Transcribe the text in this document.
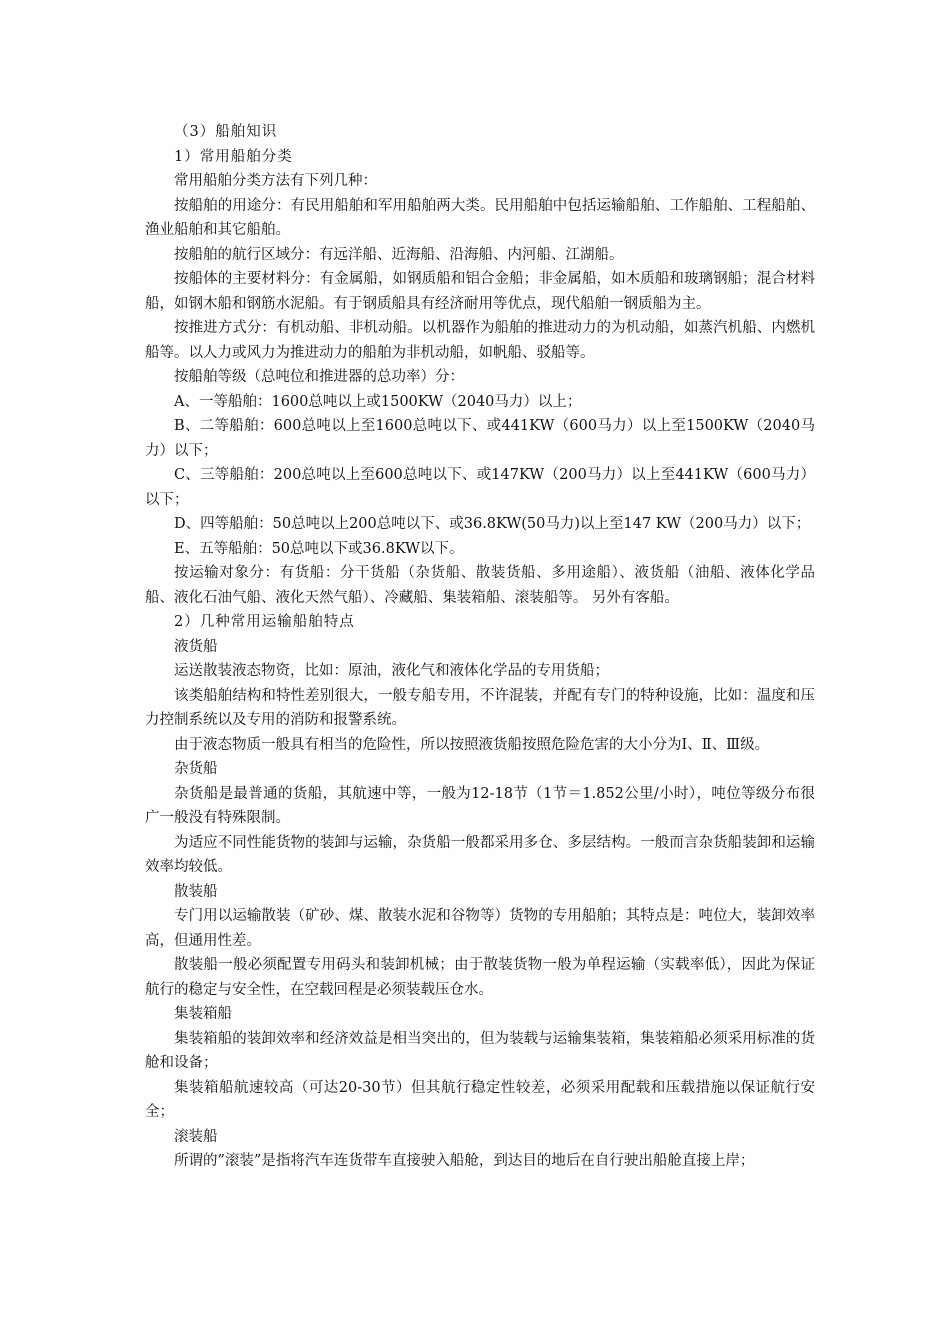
（3）船舶知识

1）常用船舶分类

常用船舶分类方法有下列几种：

按船舶的用途分：有民用船舶和军用船舶两大类。民用船舶中包括运输船舶、工作船舶、工程船舶、渔业船舶和其它船舶。

按船舶的航行区域分：有远洋船、近海船、沿海船、内河船、江湖船。

按船体的主要材料分：有金属船，如钢质船和铝合金船；非金属船，如木质船和玻璃钢船；混合材料船，如钢木船和钢筋水泥船。有于钢质船具有经济耐用等优点，现代船舶一钢质船为主。

按推进方式分：有机动船、非机动船。以机器作为船舶的推进动力的为机动船，如蒸汽机船、内燃机船等。以人力或风力为推进动力的船舶为非机动船，如帆船、驳船等。

按船舶等级（总吨位和推进器的总功率）分：

A、一等船舶：1600总吨以上或1500KW（2040马力）以上；

B、二等船舶：600总吨以上至1600总吨以下、或441KW（600马力）以上至1500KW（2040马力）以下；

C、三等船舶：200总吨以上至600总吨以下、或147KW（200马力）以上至441KW（600马力）以下；

D、四等船舶：50总吨以上200总吨以下、或36.8KW(50马力)以上至147 KW（200马力）以下；

E、五等船舶：50总吨以下或36.8KW以下。

按运输对象分：有货船：分干货船（杂货船、散装货船、多用途船）、液货船（油船、液体化学品船、液化石油气船、液化天然气船）、冷藏船、集装箱船、滚装船等。 另外有客船。

2）几种常用运输船舶特点

液货船

运送散装液态物资，比如：原油，液化气和液体化学品的专用货船；

该类船舶结构和特性差别很大，一般专船专用，不许混装，并配有专门的特种设施，比如：温度和压力控制系统以及专用的消防和报警系统。

由于液态物质一般具有相当的危险性，所以按照液货船按照危险危害的大小分为Ⅰ、Ⅱ、Ⅲ级。

杂货船

杂货船是最普通的货船，其航速中等，一般为12-18节（1节＝1.852公里/小时），吨位等级分布很广一般没有特殊限制。

为适应不同性能货物的装卸与运输，杂货船一般都采用多仓、多层结构。一般而言杂货船装卸和运输效率均较低。

散装船

专门用以运输散装（矿砂、煤、散装水泥和谷物等）货物的专用船舶；其特点是：吨位大，装卸效率高，但通用性差。

散装船一般必须配置专用码头和装卸机械；由于散装货物一般为单程运输（实载率低），因此为保证航行的稳定与安全性，在空载回程是必须装载压仓水。

集装箱船

集装箱船的装卸效率和经济效益是相当突出的，但为装载与运输集装箱，集装箱船必须采用标准的货舱和设备；

集装箱船航速较高（可达20-30节）但其航行稳定性较差，必须采用配载和压载措施以保证航行安全；

滚装船

所谓的”滚装”是指将汽车连货带车直接驶入船舱，到达目的地后在自行驶出船舱直接上岸；
